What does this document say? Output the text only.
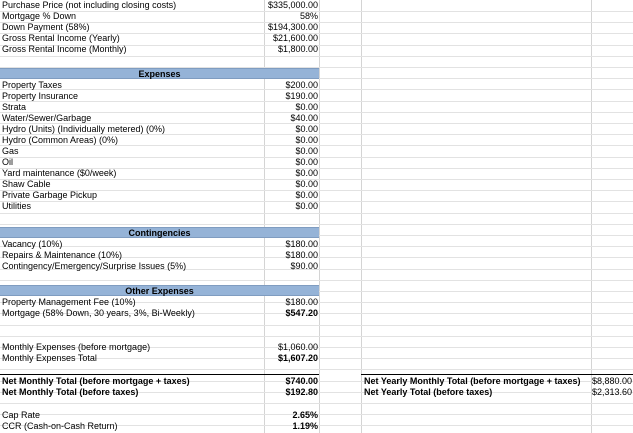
Purchase Price (not including closing costs)	$335,000.00
Mortgage % Down	58%
Down Payment (58%)	$194,300.00
Gross Rental Income (Yearly)	$21,600.00
Gross Rental Income (Monthly)	$1,800.00
Expenses
Property Taxes	$200.00
Property Insurance	$190.00
Strata	$0.00
Water/Sewer/Garbage	$40.00
Hydro (Units) (Individually metered) (0%)	$0.00
Hydro (Common Areas) (0%)	$0.00
Gas	$0.00
Oil	$0.00
Yard maintenance ($0/week)	$0.00
Shaw Cable	$0.00
Private Garbage Pickup	$0.00
Utilities	$0.00
Contingencies
Vacancy (10%)	$180.00
Repairs & Maintenance (10%)	$180.00
Contingency/Emergency/Surprise Issues (5%)	$90.00
Other Expenses
Property Management Fee (10%)	$180.00
Mortgage (58% Down, 30 years, 3%, Bi-Weekly)	$547.20
Monthly Expenses (before mortgage)	$1,060.00
Monthly Expenses Total	$1,607.20
Net Monthly Total (before mortgage + taxes)	$740.00	Net Yearly Monthly Total (before mortgage + taxes)	$8,880.00
Net Monthly Total (before taxes)	$192.80	Net Yearly Total (before taxes)	$2,313.60
Cap Rate	2.65%
CCR (Cash-on-Cash Return)	1.19%
